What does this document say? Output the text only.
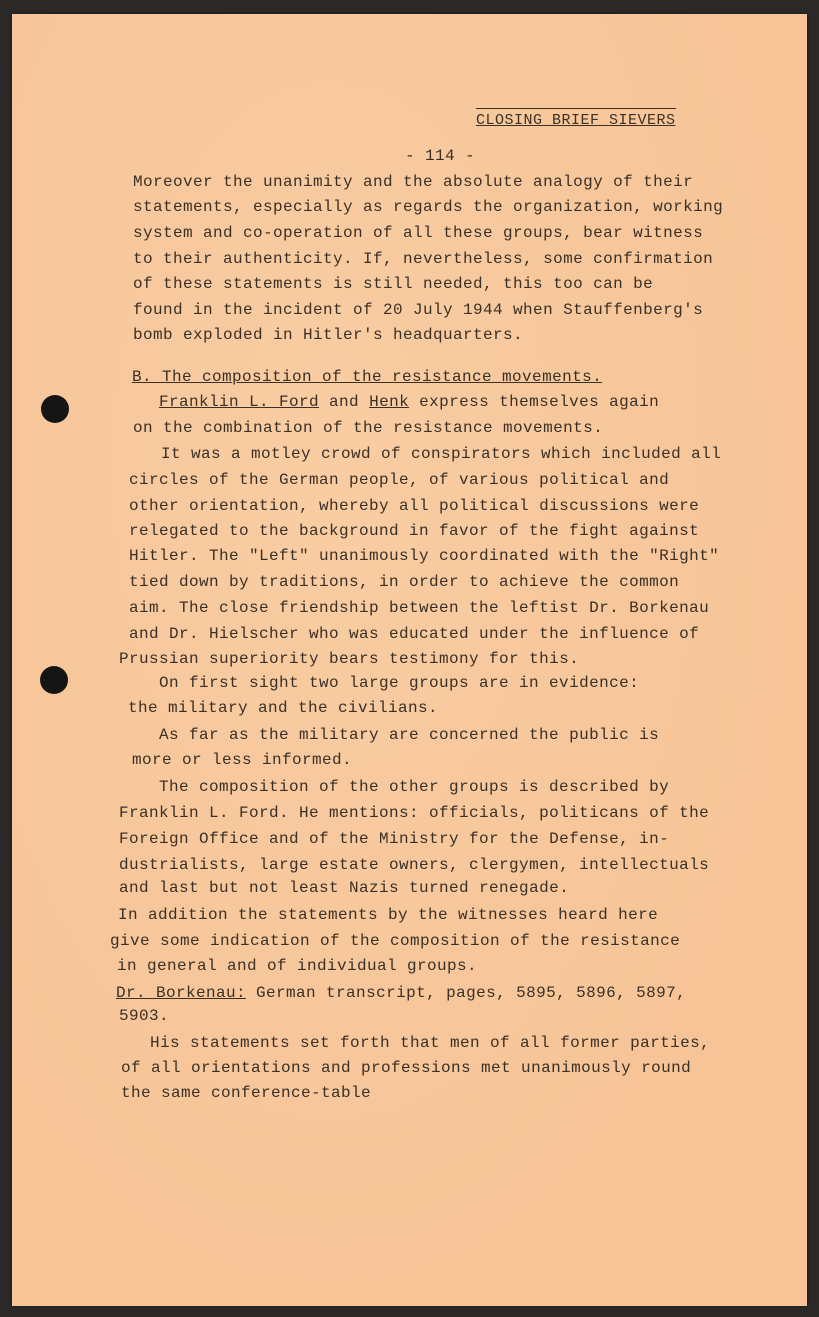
CLOSING BRIEF SIEVERS
- 114 -
Moreover the unanimity and the absolute analogy of their
statements, especially as regards the organization, working
system and co-operation of all these groups, bear witness
to their authenticity. If, nevertheless, some confirmation
of these statements is still needed, this too can be
found in the incident of 20 July 1944 when Stauffenberg's
bomb exploded in Hitler's headquarters.
B. The composition of the resistance movements.
Franklin L. Ford and Henk express themselves again
on the combination of the resistance movements.
It was a motley crowd of conspirators which included all
circles of the German people, of various political and
other orientation, whereby all political discussions were
relegated to the background in favor of the fight against
Hitler. The "Left" unanimously coordinated with the "Right"
tied down by traditions, in order to achieve the common
aim. The close friendship between the leftist Dr. Borkenau
and Dr. Hielscher who was educated under the influence of
Prussian superiority bears testimony for this.
On first sight two large groups are in evidence:
the military and the civilians.
As far as the military are concerned the public is
more or less informed.
The composition of the other groups is described by
Franklin L. Ford. He mentions: officials, politicans of the
Foreign Office and of the Ministry for the Defense, in-
dustrialists, large estate owners, clergymen, intellectuals
and last but not least Nazis turned renegade.
In addition the statements by the witnesses heard here
give some indication of the composition of the resistance
in general and of individual groups.
Dr. Borkenau: German transcript, pages, 5895, 5896, 5897,
5903.
His statements set forth that men of all former parties,
of all orientations and professions met unanimously round
the same conference-table
